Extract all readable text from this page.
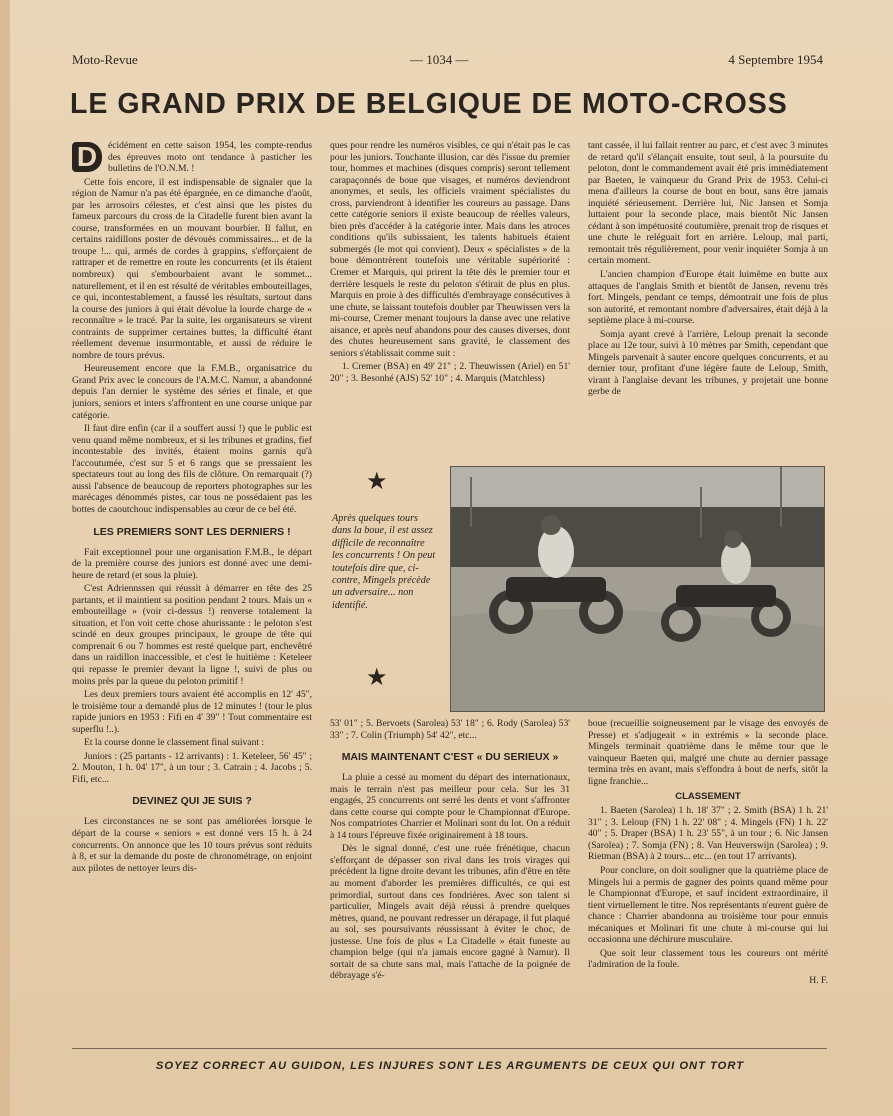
Moto-Revue	— 1034 —	4 Septembre 1954
LE GRAND PRIX DE BELGIQUE DE MOTO-CROSS

D	écidément en cette saison 1954, les compte-rendus des épreuves moto ont tendance à pasticher les bulletins de l'O.N.M. !

Cette fois encore, il est indispensable de signaler que la région de Namur n'a pas été épargnée, en ce dimanche d'août, par les arrosoirs célestes, et c'est ainsi que les pistes du fameux parcours du cross de la Citadelle furent bien avant la course, transformées en un mouvant bourbier. Il fallut, en certains raidillons poster de dévoués commissaires... et de la troupe !... qui, armés de cordes à grappins, s'efforçaient de rattraper et de remettre en route les concurrents (et ils étaient nombreux) qui s'embourbaient avant le sommet... naturellement, et il en est résulté de véritables embouteillages, ce qui, incontestablement, a faussé les résultats, surtout dans la course des juniors à qui était dévolue la lourde charge de « reconnaître » le tracé. Par la suite, les organisateurs se virent contraints de supprimer certaines buttes, la difficulté étant réellement devenue insurmontable, et aussi de réduire le nombre de tours prévus.

Heureusement encore que la F.M.B., organisatrice du Grand Prix avec le concours de l'A.M.C. Namur, a abandonné depuis l'an dernier le système des séries et finale, et que juniors, seniors et inters s'affrontent en une course unique par catégorie.

Il faut dire enfin (car il a souffert aussi !) que le public est venu quand même nombreux, et si les tribunes et gradins, fief incontestable des invités, étaient moins garnis qu'à l'accoutumée, c'est sur 5 et 6 rangs que se pressaient les spectateurs tout au long des fils de clôture. On remarquait (?) aussi l'absence de beaucoup de reporters photographes sur les marécages dénommés pistes, car tous ne possédaient pas les bottes de caoutchouc indispensables au cœur de ce bel été.

LES PREMIERS SONT LES DERNIERS !

Fait exceptionnel pour une organisation F.M.B., le départ de la première course des juniors est donné avec une demi-heure de retard (et sous la pluie).

C'est Adriennssen qui réussit à démarrer en tête des 25 partants, et il maintient sa position pendant 2 tours. Mais un « embouteillage » (voir ci-dessus !) renverse totalement la situation, et l'on voit cette chose ahurissante : le peloton s'est scindé en deux groupes principaux, le groupe de tête qui comprenait 6 ou 7 hommes est resté quelque part, enchevêtré dans un raidillon inaccessible, et c'est le huitième : Keteleer qui repasse le premier devant la ligne !, suivi de plus ou moins près par la queue du peloton primitif !

Les deux premiers tours avaient été accomplis en 12' 45", le troisième tour a demandé plus de 12 minutes ! (tour le plus rapide juniors en 1953 : Fifi en 4' 39" ! Tout commentaire est superflu !..).

Et la course donne le classement final suivant :

Juniors : (25 partants - 12 arrivants) : 1. Keteleer, 56' 45" ; 2. Mouton, 1 h. 04' 17", à un tour ; 3. Catrain ; 4. Jacobs ; 5. Fifi, etc...

DEVINEZ QUI JE SUIS ?

Les circonstances ne se sont pas améliorées lorsque le départ de la course « seniors » est donné vers 15 h. à 24 concurrents. On annonce que les 10 tours prévus sont réduits à 8, et sur la demande du poste de chronométrage, on enjoint aux pilotes de nettoyer leurs dis-

ques pour rendre les numéros visibles, ce qui n'était pas le cas pour les juniors. Touchante illusion, car dès l'issue du premier tour, hommes et machines (disques compris) seront tellement carapaçonnés de boue que visages, et numéros deviendront anonymes, et seuls, les officiels vraiment spécialistes du cross, parviendront à identifier les coureurs au passage. Dans cette catégorie seniors il existe beaucoup de réelles valeurs, bien près d'accéder à la catégorie inter. Mais dans les atroces conditions qu'ils subissaient, les talents habituels étaient submergés (le mot qui convient). Deux « spécialistes » de la boue démontrèrent toutefois une véritable supériorité : Cremer et Marquis, qui prirent la tête dès le premier tour et derrière lesquels le reste du peloton s'étirait de plus en plus. Marquis en proie à des difficultés d'embrayage consécutives à une chute, se laissant toutefois doubler par Theuwissen vers la mi-course, Cremer menant toujours la danse avec une relative aisance, et après neuf abandons pour des causes diverses, dont des chutes heureusement sans gravité, le classement des seniors s'établissait comme suit :

1. Cremer (BSA) en 49' 21" ; 2. Theuwissen (Ariel) en 51' 20" ; 3. Besonhé (AJS) 52' 10" ; 4. Marquis (Matchless)

tant cassée, il lui fallait rentrer au parc, et c'est avec 3 minutes de retard qu'il s'élançait ensuite, tout seul, à la poursuite du peloton, dont le commandement avait été pris immédiatement par Baeten, le vainqueur du Grand Prix de 1953. Celui-ci mena d'ailleurs la course de bout en bout, sans être jamais inquiété sérieusement. Derrière lui, Nic Jansen et Somja luttaient pour la seconde place, mais bientôt Nic Jansen cédant à son impétuosité coutumière, prenait trop de risques et une chute le reléguait fort en arrière. Leloup, mal parti, remontait très régulièrement, pour venir inquiéter Somja à un certain moment.

L'ancien champion d'Europe était luimême en butte aux attaques de l'anglais Smith et bientôt de Jansen, revenu très fort. Mingels, pendant ce temps, démontrait une fois de plus son autorité, et remontant nombre d'adversaires, était déjà à la septième place à mi-course.

Somja ayant crevé à l'arrière, Leloup prenait la seconde place au 12e tour, suivi à 10 mètres par Smith, cependant que Mingels parvenait à sauter encore quelques concurrents, et au dernier tour, profitant d'une légère faute de Leloup, Smith, virant à l'anglaise devant les tribunes, y projetait une bonne gerbe de

★
★
Après quelques tours dans la boue, il est assez difficile de reconnaître les concurrents ! On peut toutefois dire que, ci-contre, Mingels précède un adversaire... non identifié.

53' 01" ; 5. Bervoets (Sarolea) 53' 18" ; 6. Rody (Sarolea) 53' 33" ; 7. Colin (Triumph) 54' 42", etc...

MAIS MAINTENANT C'EST « DU SERIEUX »

La pluie a cessé au moment du départ des internationaux, mais le terrain n'est pas meilleur pour cela. Sur les 31 engagés, 25 concurrents ont serré les dents et vont s'affronter dans cette course qui compte pour le Championnat d'Europe. Nos compatriotes Charrier et Molinari sont du lot. On a réduit à 14 tours l'épreuve fixée originairement à 18 tours.

Dès le signal donné, c'est une ruée frénétique, chacun s'efforçant de dépasser son rival dans les trois virages qui précèdent la ligne droite devant les tribunes, afin d'être en tête au moment d'aborder les premières difficultés, ce qui est primordial, surtout dans ces fondrières. Avec son talent si particulier, Mingels avait déjà réussi à prendre quelques mètres, quand, ne pouvant redresser un dérapage, il fut plaqué au sol, ses poursuivants réussissant à éviter le choc, de justesse. Une fois de plus « La Citadelle » était funeste au champion belge (qui n'a jamais encore gagné à Namur). Il sortait de sa chute sans mal, mais l'attache de la poignée de débrayage s'é-

boue (recueillie soigneusement par le visage des envoyés de Presse) et s'adjugeait « in extrémis » la seconde place. Mingels terminait quatrième dans le même tour que le vainqueur Baeten qui, malgré une chute au dernier passage termina très en avant, mais s'effondra à bout de nerfs, sitôt la ligne franchie...

CLASSEMENT

1. Baeten (Sarolea) 1 h. 18' 37" ; 2. Smith (BSA) 1 h. 21' 31" ; 3. Leloup (FN) 1 h. 22' 08" ; 4. Mingels (FN) 1 h. 22' 40" ; 5. Draper (BSA) 1 h. 23' 55", à un tour ; 6. Nic Jansen (Sarolea) ; 7. Somja (FN) ; 8. Van Heuverswijn (Sarolea) ; 9. Rietman (BSA) à 2 tours... etc... (en tout 17 arrivants).

Pour conclure, on doit souligner que la quatrième place de Mingels lui a permis de gagner des points quand même pour le Championnat d'Europe, et sauf incident extraordinaire, il tient virtuellement le titre. Nos représentants n'eurent guère de chance : Charrier abandonna au troisième tour pour ennuis mécaniques et Molinari fit une chute à mi-course qui lui occasionna une déchirure musculaire.

Que soit leur classement tous les coureurs ont mérité l'admiration de la foule.

H. F.
SOYEZ CORRECT AU GUIDON, LES INJURES SONT LES ARGUMENTS DE CEUX QUI ONT TORT
